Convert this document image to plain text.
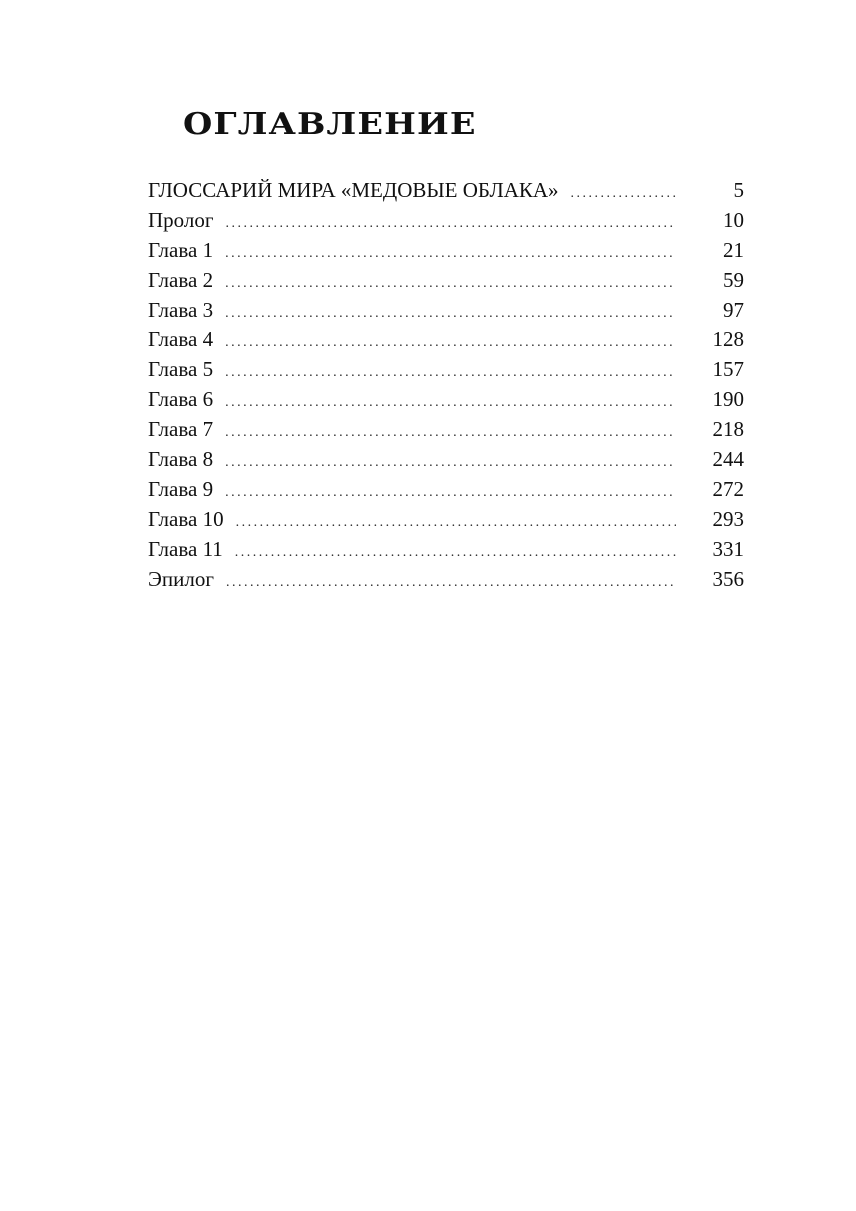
ОГЛАВЛЕНИЕ
ГЛОССАРИЙ МИРА «МЕДОВЫЕ ОБЛАКА» .....	5
Пролог .....	10
Глава 1 .....	21
Глава 2 .....	59
Глава 3 .....	97
Глава 4 .....	128
Глава 5 .....	157
Глава 6 .....	190
Глава 7 .....	218
Глава 8 .....	244
Глава 9 .....	272
Глава 10 .....	293
Глава 11 .....	331
Эпилог .....	356
